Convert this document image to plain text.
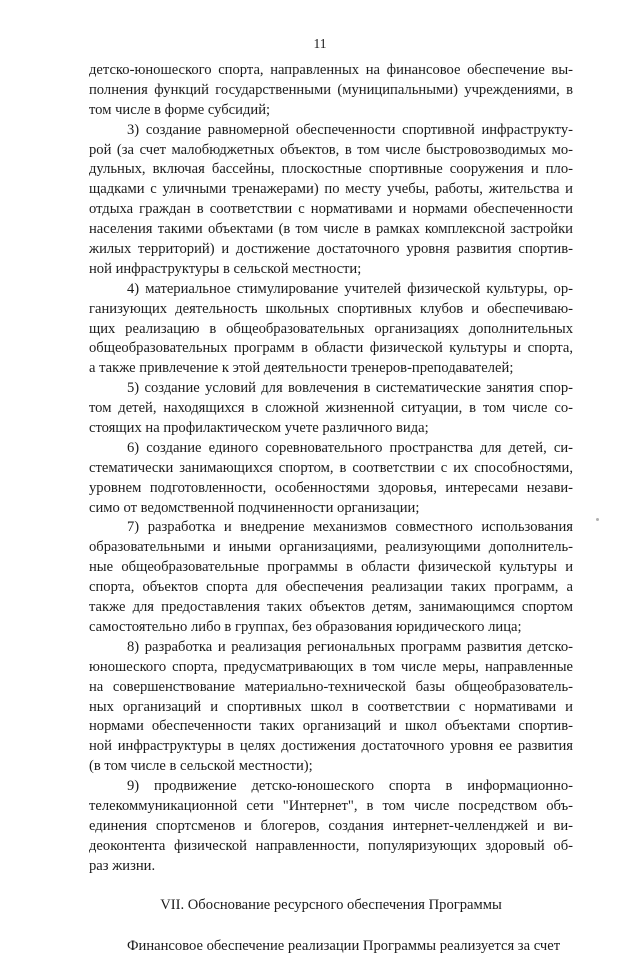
11
детско-юношеского спорта, направленных на финансовое обеспечение вы-
полнения функций государственными (муниципальными) учреждениями, в
том числе в форме субсидий;
3) создание равномерной обеспеченности спортивной инфраструкту-
рой (за счет малобюджетных объектов, в том числе быстровозводимых мо-
дульных, включая бассейны, плоскостные спортивные сооружения и пло-
щадками с уличными тренажерами) по месту учебы, работы, жительства и
отдыха граждан в соответствии с нормативами и нормами обеспеченности
населения такими объектами (в том числе в рамках комплексной застройки
жилых территорий) и достижение достаточного уровня развития спортив-
ной инфраструктуры в сельской местности;
4) материальное стимулирование учителей физической культуры, ор-
ганизующих деятельность школьных спортивных клубов и обеспечиваю-
щих реализацию в общеобразовательных организациях дополнительных
общеобразовательных программ в области физической культуры и спорта,
а также привлечение к этой деятельности тренеров-преподавателей;
5) создание условий для вовлечения в систематические занятия спор-
том детей, находящихся в сложной жизненной ситуации, в том числе со-
стоящих на профилактическом учете различного вида;
6) создание единого соревновательного пространства для детей, си-
стематически занимающихся спортом, в соответствии с их способностями,
уровнем подготовленности, особенностями здоровья, интересами незави-
симо от ведомственной подчиненности организации;
7) разработка и внедрение механизмов совместного использования
образовательными и иными организациями, реализующими дополнитель-
ные общеобразовательные программы в области физической культуры и
спорта, объектов спорта для обеспечения реализации таких программ, а
также для предоставления таких объектов детям, занимающимся спортом
самостоятельно либо в группах, без образования юридического лица;
8) разработка и реализация региональных программ развития детско-
юношеского спорта, предусматривающих в том числе меры, направленные
на совершенствование материально-технической базы общеобразователь-
ных организаций и спортивных школ в соответствии с нормативами и
нормами обеспеченности таких организаций и школ объектами спортив-
ной инфраструктуры в целях достижения достаточного уровня ее развития
(в том числе в сельской местности);
9) продвижение детско-юношеского спорта в информационно-
телекоммуникационной сети "Интернет", в том числе посредством объ-
единения спортсменов и блогеров, создания интернет-челленджей и ви-
деоконтента физической направленности, популяризующих здоровый об-
раз жизни.
VII. Обоснование ресурсного обеспечения Программы
Финансовое обеспечение реализации Программы реализуется за счет
